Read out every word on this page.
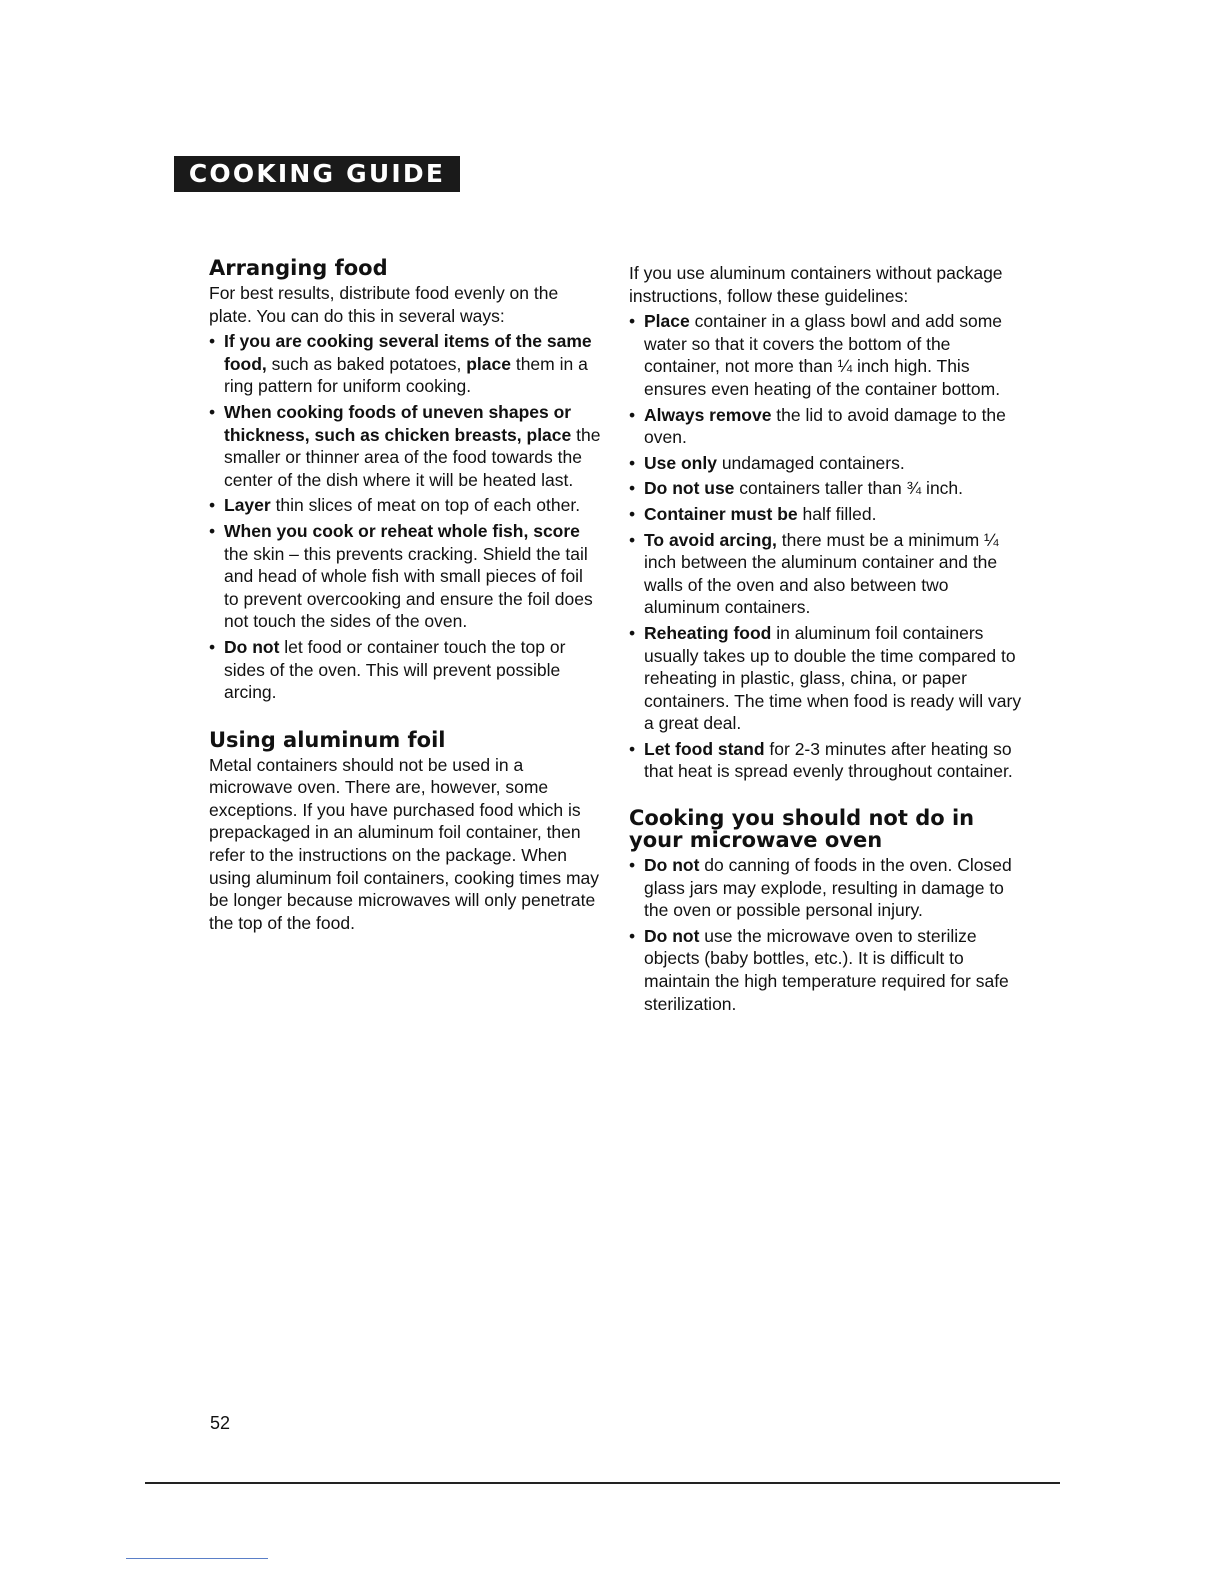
COOKING GUIDE
Arranging food

For best results, distribute food evenly on the plate. You can do this in several ways:

• If you are cooking several items of the same food, such as baked potatoes, place them in a ring pattern for uniform cooking.
• When cooking foods of uneven shapes or thickness, such as chicken breasts, place the smaller or thinner area of the food towards the center of the dish where it will be heated last.
• Layer thin slices of meat on top of each other.
• When you cook or reheat whole fish, score the skin – this prevents cracking. Shield the tail and head of whole fish with small pieces of foil to prevent overcooking and ensure the foil does not touch the sides of the oven.
• Do not let food or container touch the top or sides of the oven. This will prevent possible arcing.
Using aluminum foil

Metal containers should not be used in a microwave oven. There are, however, some exceptions. If you have purchased food which is prepackaged in an aluminum foil container, then refer to the instructions on the package. When using aluminum foil containers, cooking times may be longer because microwaves will only penetrate the top of the food.

If you use aluminum containers without package instructions, follow these guidelines:

• Place container in a glass bowl and add some water so that it covers the bottom of the container, not more than ¼ inch high. This ensures even heating of the container bottom.
• Always remove the lid to avoid damage to the oven.
• Use only undamaged containers.
• Do not use containers taller than ¾ inch.
• Container must be half filled.
• To avoid arcing, there must be a minimum ¼ inch between the aluminum container and the walls of the oven and also between two aluminum containers.
• Reheating food in aluminum foil containers usually takes up to double the time compared to reheating in plastic, glass, china, or paper containers. The time when food is ready will vary a great deal.
• Let food stand for 2-3 minutes after heating so that heat is spread evenly throughout container.
Cooking you should not do in your microwave oven
• Do not do canning of foods in the oven. Closed glass jars may explode, resulting in damage to the oven or possible personal injury.
• Do not use the microwave oven to sterilize objects (baby bottles, etc.). It is difficult to maintain the high temperature required for safe sterilization.
52
